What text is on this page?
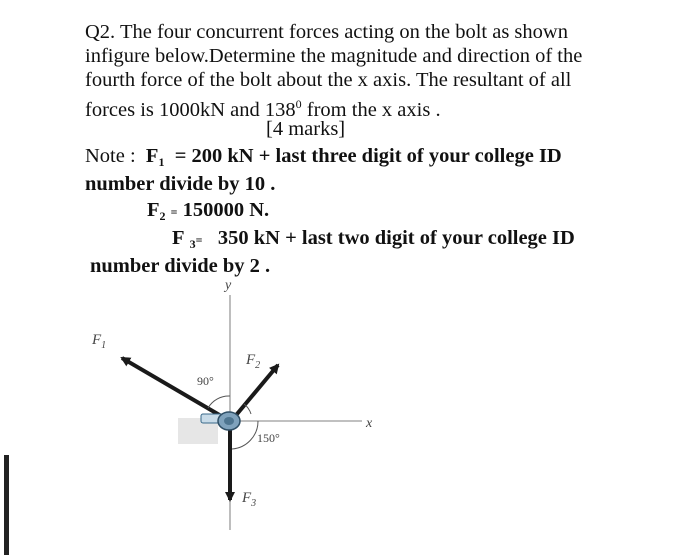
Q2. The four concurrent forces acting on the bolt as shown
infigure below.Determine the magnitude and direction of the
fourth force of the bolt about the x axis. The resultant of all
forces is 1000kN and $138^0$ from the x axis .
[4 marks]
Note : $F_1 = 200$ kN + last three digit of your college ID
number divide by 10 .
$F_2 = 150000$ N.
F $_3$= 350 kN + last two digit of your college ID
number divide by 2 .
y
x
$F_1$
$F_2$
$F_3$
90°
150°
